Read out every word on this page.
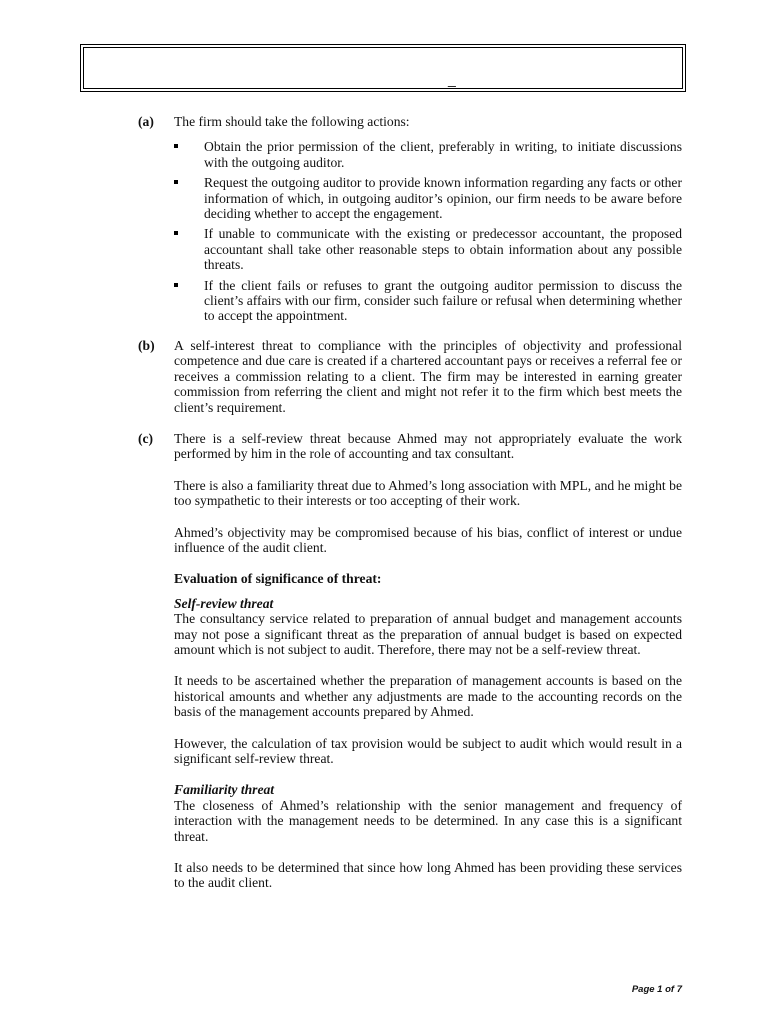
_
(a) The firm should take the following actions:

Obtain the prior permission of the client, preferably in writing, to initiate discussions with the outgoing auditor.
Request the outgoing auditor to provide known information regarding any facts or other information of which, in outgoing auditor’s opinion, our firm needs to be aware before deciding whether to accept the engagement.
If unable to communicate with the existing or predecessor accountant, the proposed accountant shall take other reasonable steps to obtain information about any possible threats.
If the client fails or refuses to grant the outgoing auditor permission to discuss the client’s affairs with our firm, consider such failure or refusal when determining whether to accept the appointment.
(b) A self-interest threat to compliance with the principles of objectivity and professional competence and due care is created if a chartered accountant pays or receives a referral fee or receives a commission relating to a client. The firm may be interested in earning greater commission from referring the client and might not refer it to the firm which best meets the client’s requirement.

(c) There is a self-review threat because Ahmed may not appropriately evaluate the work performed by him in the role of accounting and tax consultant.

There is also a familiarity threat due to Ahmed’s long association with MPL, and he might be too sympathetic to their interests or too accepting of their work.

Ahmed’s objectivity may be compromised because of his bias, conflict of interest or undue influence of the audit client.

Evaluation of significance of threat:

Self-review threat

The consultancy service related to preparation of annual budget and management accounts may not pose a significant threat as the preparation of annual budget is based on expected amount which is not subject to audit. Therefore, there may not be a self-review threat.

It needs to be ascertained whether the preparation of management accounts is based on the historical amounts and whether any adjustments are made to the accounting records on the basis of the management accounts prepared by Ahmed.

However, the calculation of tax provision would be subject to audit which would result in a significant self-review threat.

Familiarity threat

The closeness of Ahmed’s relationship with the senior management and frequency of interaction with the management needs to be determined. In any case this is a significant threat.

It also needs to be determined that since how long Ahmed has been providing these services to the audit client.

Page 1 of 7
